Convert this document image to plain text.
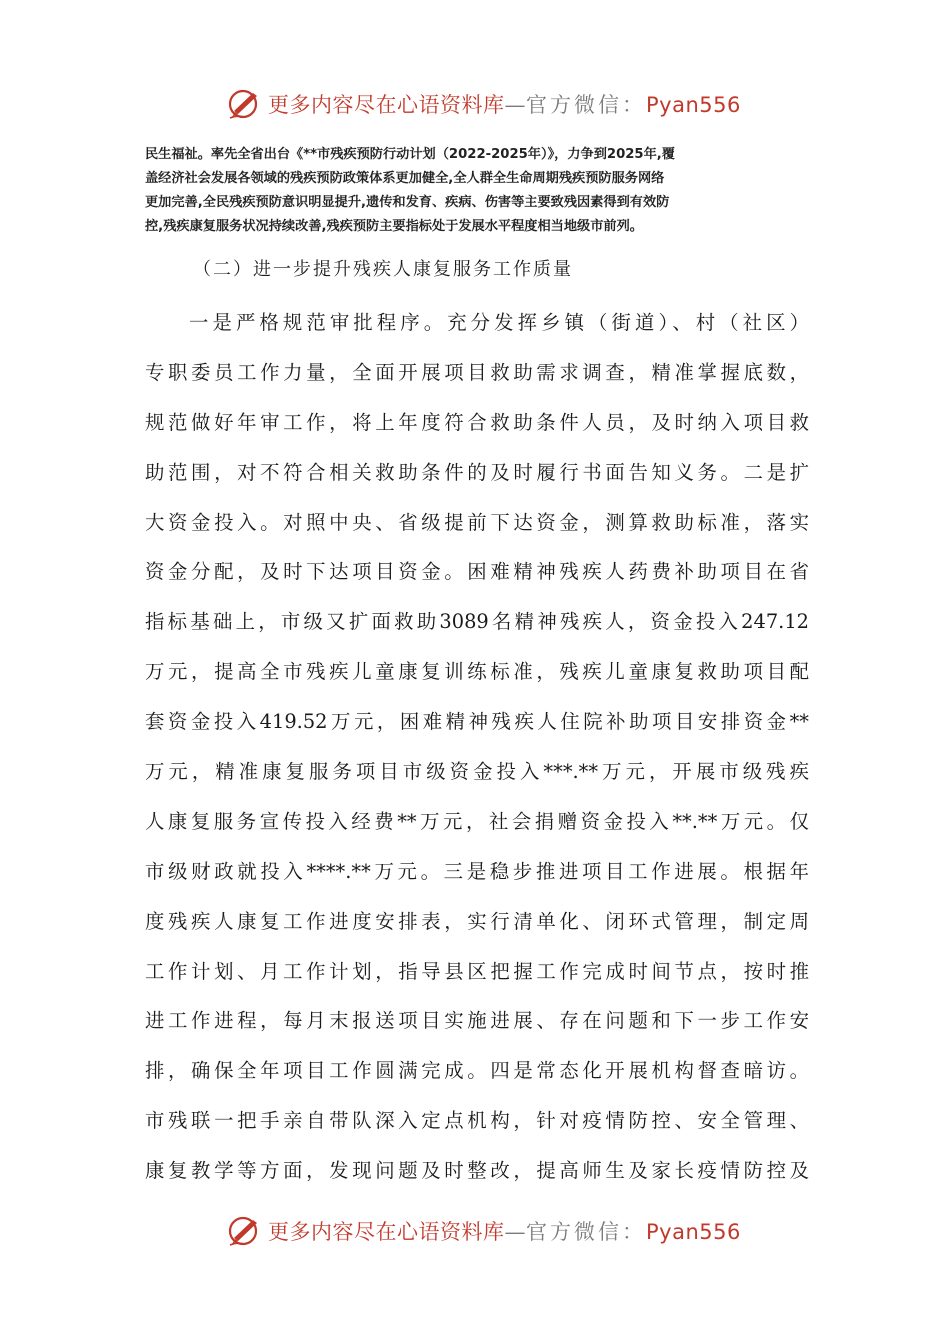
更多内容尽在心语资料库—官方微信：Pyan556

民生福祉。率先全省出台《**市残疾预防行动计划（2022-2025年）》，力争到2025年,覆
盖经济社会发展各领域的残疾预防政策体系更加健全,全人群全生命周期残疾预防服务网络
更加完善,全民残疾预防意识明显提升,遗传和发育、疾病、伤害等主要致残因素得到有效防
控,残疾康复服务状况持续改善,残疾预防主要指标处于发展水平程度相当地级市前列。

（二）进一步提升残疾人康复服务工作质量
一是严格规范审批程序。充分发挥乡镇（街道）、村（社区）
专职委员工作力量，全面开展项目救助需求调查，精准掌握底数，
规范做好年审工作，将上年度符合救助条件人员，及时纳入项目救
助范围，对不符合相关救助条件的及时履行书面告知义务。二是扩
大资金投入。对照中央、省级提前下达资金，测算救助标准，落实
资金分配，及时下达项目资金。困难精神残疾人药费补助项目在省
指标基础上，市级又扩面救助3089名精神残疾人，资金投入247.12
万元，提高全市残疾儿童康复训练标准，残疾儿童康复救助项目配
套资金投入419.52万元，困难精神残疾人住院补助项目安排资金**
万元，精准康复服务项目市级资金投入***.**万元，开展市级残疾
人康复服务宣传投入经费**万元，社会捐赠资金投入**.**万元。仅
市级财政就投入****.**万元。三是稳步推进项目工作进展。根据年
度残疾人康复工作进度安排表，实行清单化、闭环式管理，制定周
工作计划、月工作计划，指导县区把握工作完成时间节点，按时推
进工作进程，每月末报送项目实施进展、存在问题和下一步工作安
排，确保全年项目工作圆满完成。四是常态化开展机构督查暗访。
市残联一把手亲自带队深入定点机构，针对疫情防控、安全管理、
康复教学等方面，发现问题及时整改，提高师生及家长疫情防控及
更多内容尽在心语资料库—官方微信：Pyan556
